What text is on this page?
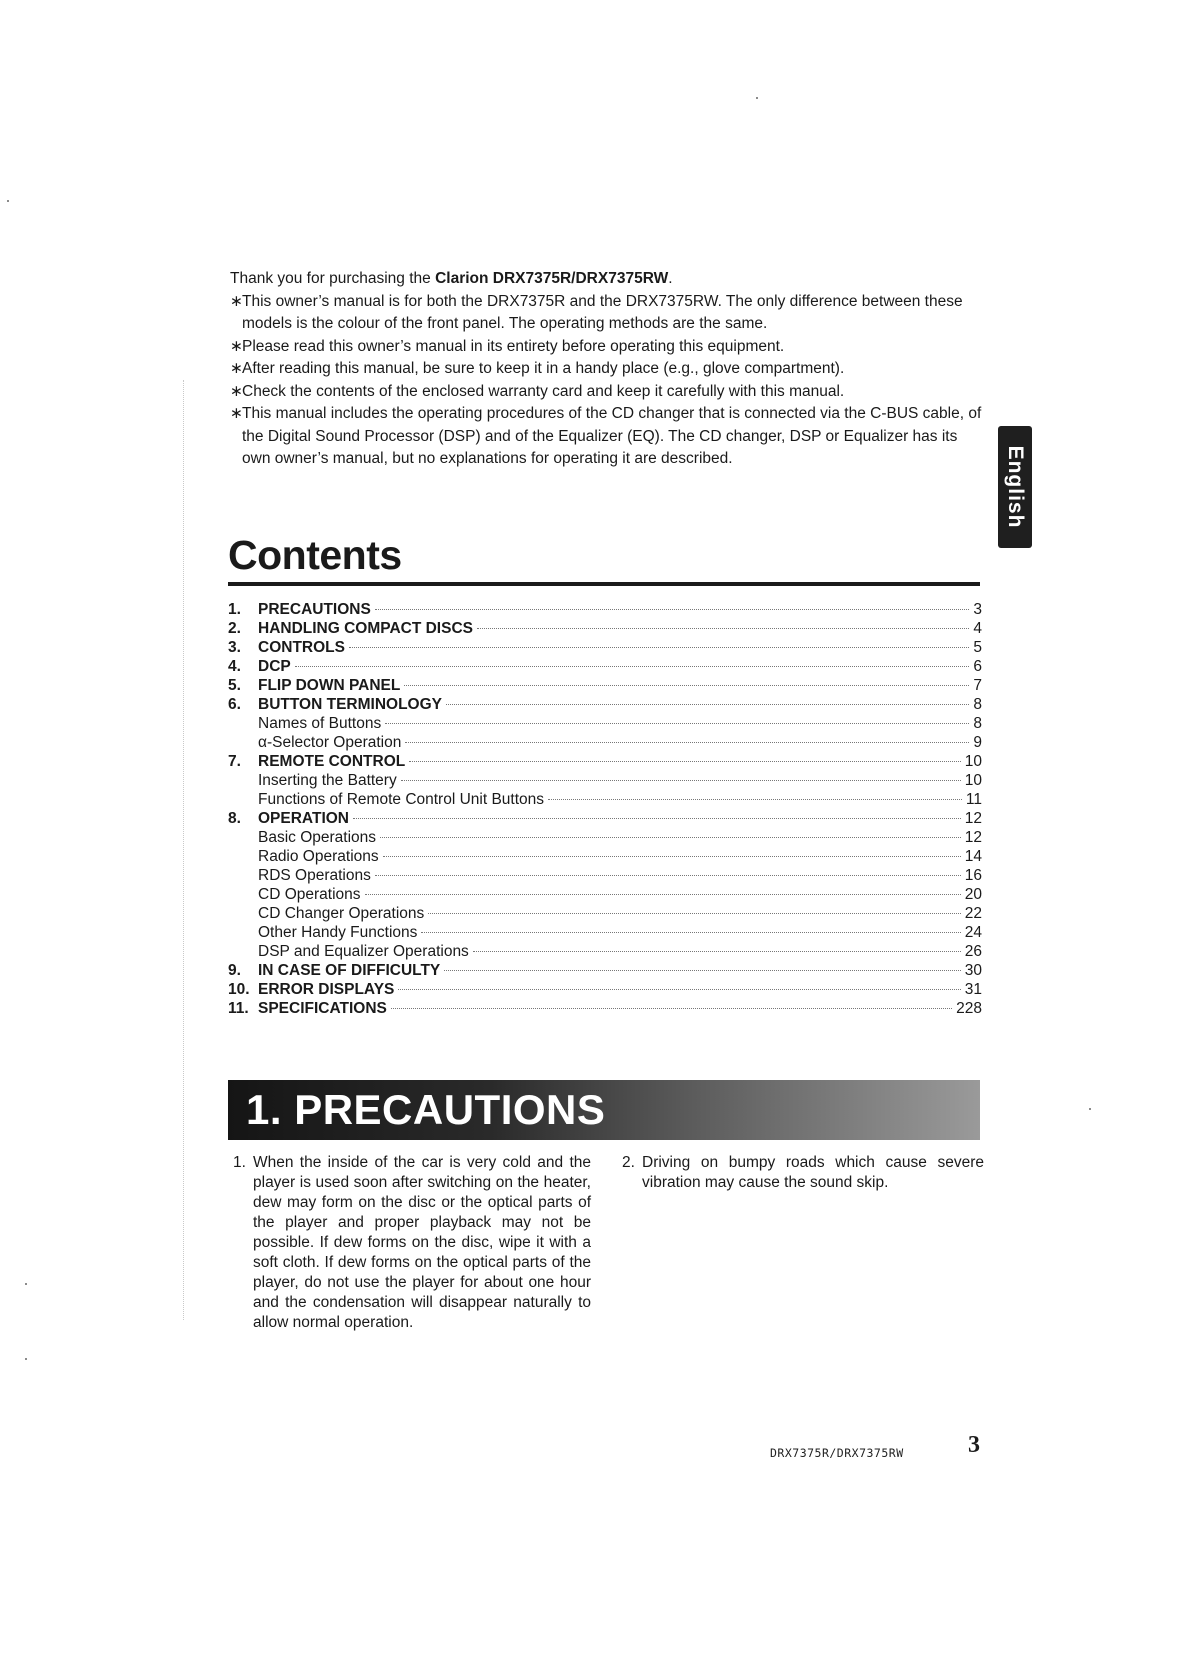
Thank you for purchasing the Clarion DRX7375R/DRX7375RW.

∗ This owner’s manual is for both the DRX7375R and the DRX7375RW. The only difference between these models is the colour of the front panel. The operating methods are the same.
∗ Please read this owner’s manual in its entirety before operating this equipment.
∗ After reading this manual, be sure to keep it in a handy place (e.g., glove compartment).
∗ Check the contents of the enclosed warranty card and keep it carefully with this manual.
∗ This manual includes the operating procedures of the CD changer that is connected via the C-BUS cable, of the Digital Sound Processor (DSP) and of the Equalizer (EQ). The CD changer, DSP or Equalizer has its own owner’s manual, but no explanations for operating it are described.	English
Contents
1.	PRECAUTIONS	3
2.	HANDLING COMPACT DISCS	4
3.	CONTROLS	5
4.	DCP	6
5.	FLIP DOWN PANEL	7
6.	BUTTON TERMINOLOGY	8
Names of Buttons	8
α-Selector Operation	9
7.	REMOTE CONTROL	10
Inserting the Battery	10
Functions of Remote Control Unit Buttons	11
8.	OPERATION	12
Basic Operations	12
Radio Operations	14
RDS Operations	16
CD Operations	20
CD Changer Operations	22
Other Handy Functions	24
DSP and Equalizer Operations	26
9.	IN CASE OF DIFFICULTY	30
10. ERROR DISPLAYS	31
11. SPECIFICATIONS	228
1. PRECAUTIONS
1. When the inside of the car is very cold and the player is used soon after switching on the heater, dew may form on the disc or the optical parts of the player and proper playback may not be possible. If dew forms on the disc, wipe it with a soft cloth. If dew forms on the optical parts of the player, do not use the player for about one hour and the condensation will disappear naturally to allow normal operation.
2. Driving on bumpy roads which cause severe vibration may cause the sound skip.
DRX7375R/DRX7375RW	3
